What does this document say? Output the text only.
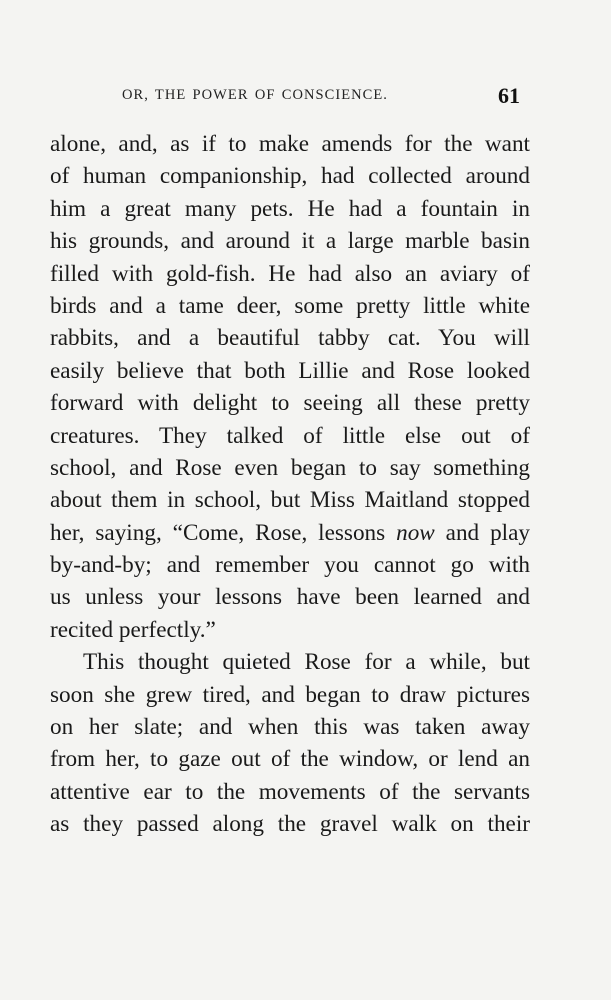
OR, THE POWER OF CONSCIENCE.	61
alone, and, as if to make amends for the want
of human companionship, had collected around
him a great many pets. He had a fountain in
his grounds, and around it a large marble basin
filled with gold-fish. He had also an aviary of
birds and a tame deer, some pretty little white
rabbits, and a beautiful tabby cat. You will
easily believe that both Lillie and Rose looked
forward with delight to seeing all these pretty
creatures. They talked of little else out of
school, and Rose even began to say something
about them in school, but Miss Maitland stopped
her, saying, “Come, Rose, lessons now and play
by-and-by; and remember you cannot go with
us unless your lessons have been learned and
recited perfectly.”
This thought quieted Rose for a while, but
soon she grew tired, and began to draw pictures
on her slate; and when this was taken away
from her, to gaze out of the window, or lend an
attentive ear to the movements of the servants
as they passed along the gravel walk on their
